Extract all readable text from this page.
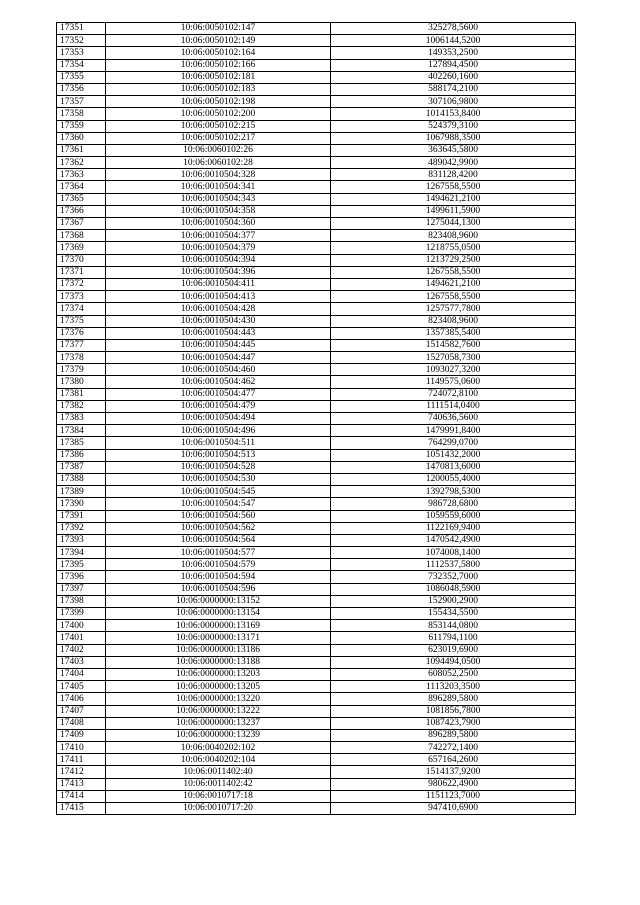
17351	10:06:0050102:147	325278,5600
17352	10:06:0050102:149	1006144,5200
17353	10:06:0050102:164	149353,2500
17354	10:06:0050102:166	127894,4500
17355	10:06:0050102:181	402260,1600
17356	10:06:0050102:183	588174,2100
17357	10:06:0050102:198	307106,9800
17358	10:06:0050102:200	1014153,8400
17359	10:06:0050102:215	524379,3100
17360	10:06:0050102:217	1067988,3500
17361	10:06:0060102:26	363645,5800
17362	10:06:0060102:28	489042,9900
17363	10:06:0010504:328	831128,4200
17364	10:06:0010504:341	1267558,5500
17365	10:06:0010504:343	1494621,2100
17366	10:06:0010504:358	1499611,5900
17367	10:06:0010504:360	1275044,1300
17368	10:06:0010504:377	823408,9600
17369	10:06:0010504:379	1218755,0500
17370	10:06:0010504:394	1213729,2500
17371	10:06:0010504:396	1267558,5500
17372	10:06:0010504:411	1494621,2100
17373	10:06:0010504:413	1267558,5500
17374	10:06:0010504:428	1257577,7800
17375	10:06:0010504:430	823408,9600
17376	10:06:0010504:443	1357385,5400
17377	10:06:0010504:445	1514582,7600
17378	10:06:0010504:447	1527058,7300
17379	10:06:0010504:460	1093027,3200
17380	10:06:0010504:462	1149575,0600
17381	10:06:0010504:477	724072,8100
17382	10:06:0010504:479	1111514,0400
17383	10:06:0010504:494	740636,5600
17384	10:06:0010504:496	1479991,8400
17385	10:06:0010504:511	764299,0700
17386	10:06:0010504:513	1051432,2000
17387	10:06:0010504:528	1470813,6000
17388	10:06:0010504:530	1200055,4000
17389	10:06:0010504:545	1392798,5300
17390	10:06:0010504:547	986728,6800
17391	10:06:0010504:560	1059559,6000
17392	10:06:0010504:562	1122169,9400
17393	10:06:0010504:564	1470542,4900
17394	10:06:0010504:577	1074008,1400
17395	10:06:0010504:579	1112537,5800
17396	10:06:0010504:594	732352,7000
17397	10:06:0010504:596	1086048,5900
17398	10:06:0000000:13152	152900,2900
17399	10:06:0000000:13154	155434,5500
17400	10:06:0000000:13169	853144,0800
17401	10:06:0000000:13171	611794,1100
17402	10:06:0000000:13186	623019,6900
17403	10:06:0000000:13188	1094494,0500
17404	10:06:0000000:13203	608052,2500
17405	10:06:0000000:13205	1113203,3500
17406	10:06:0000000:13220	896289,5800
17407	10:06:0000000:13222	1081856,7800
17408	10:06:0000000:13237	1087423,7900
17409	10:06:0000000:13239	896289,5800
17410	10:06:0040202:102	742272,1400
17411	10:06:0040202:104	657164,2600
17412	10:06:0011402:40	1514137,9200
17413	10:06:0011402:42	980622,4900
17414	10:06:0010717:18	1151123,7000
17415	10:06:0010717:20	947410,6900
